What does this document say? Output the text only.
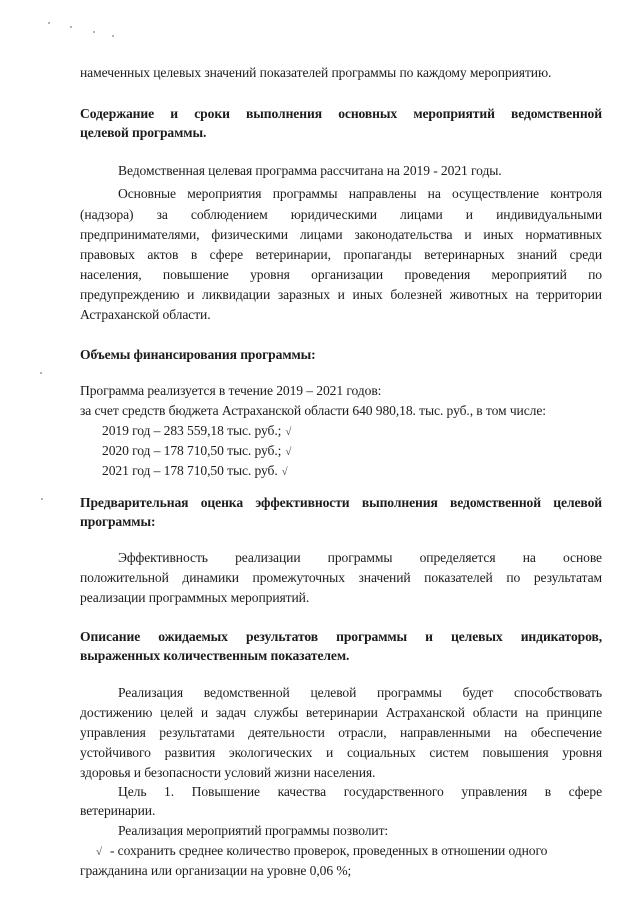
намеченных целевых значений показателей программы по каждому мероприятию.
Содержание и сроки выполнения основных мероприятий ведомственной
целевой программы.
Ведомственная целевая программа рассчитана на 2019 - 2021 годы.
Основные мероприятия программы направлены на осуществление контроля
(надзора) за соблюдением юридическими лицами и индивидуальными
предпринимателями, физическими лицами законодательства и иных нормативных
правовых актов в сфере ветеринарии, пропаганды ветеринарных знаний среди
населения, повышение уровня организации проведения мероприятий по
предупреждению и ликвидации заразных и иных болезней животных на территории
Астраханской области.
Объемы финансирования программы:
Программа реализуется в течение 2019 – 2021 годов:
за счет средств бюджета Астраханской области 640 980,18. тыс. руб., в том числе:
2019 год – 283 559,18 тыс. руб.; √
2020 год – 178 710,50 тыс. руб.; √
2021 год – 178 710,50 тыс. руб. √
Предварительная оценка эффективности выполнения ведомственной целевой
программы:
Эффективность реализации программы определяется на основе
положительной динамики промежуточных значений показателей по результатам
реализации программных мероприятий.
Описание ожидаемых результатов программы и целевых индикаторов,
выраженных количественным показателем.
Реализация ведомственной целевой программы будет способствовать
достижению целей и задач службы ветеринарии Астраханской области на принципе
управления результатами деятельности отрасли, направленными на обеспечение
устойчивого развития экологических и социальных систем повышения уровня
здоровья и безопасности условий жизни населения.
Цель 1. Повышение качества государственного управления в сфере
ветеринарии.
Реализация мероприятий программы позволит:
√ - сохранить среднее количество проверок, проведенных в отношении одного
гражданина или организации на уровне 0,06 %;
